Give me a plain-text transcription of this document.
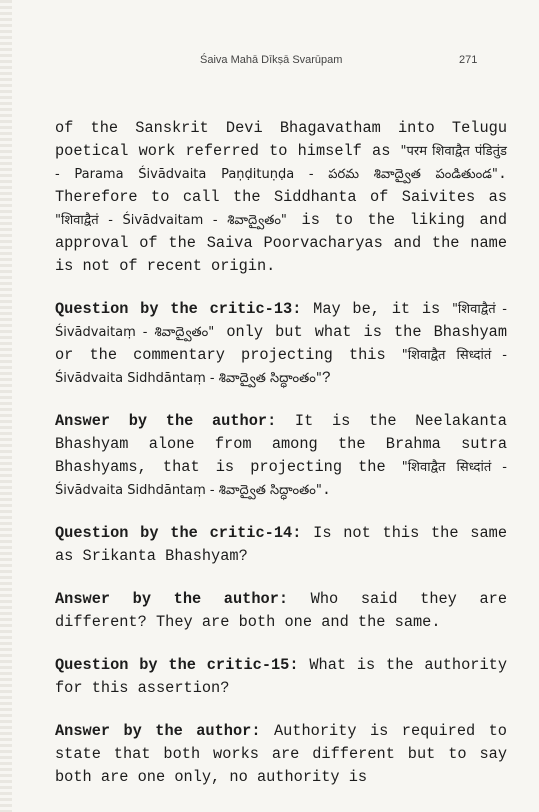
Śaiva Mahā Dīkṣā Svarūpam	271

of the Sanskrit Devi Bhagavatham into Telugu poetical work referred to himself as "परम शिवाद्वैत पंडितुंड - Parama Śivādvaita Paṇḍituṇḍa - పరమ శివాద్వైత పండితుండ". Therefore to call the Siddhanta of Saivites as "शिवाद्वैतं - Śivādvaitam - శివాద్వైతం" is to the liking and approval of the Saiva Poorvacharyas and the name is not of recent origin.

Question by the critic-13: May be, it is "शिवाद्वैतं - Śivādvaitaṃ - శివాద్వైతం" only but what is the Bhashyam or the commentary projecting this "शिवाद्वैत सिध्दांतं - Śivādvaita Sidhdāntaṃ - శివాద్వైత సిద్ధాంతం"?

Answer by the author: It is the Neelakanta Bhashyam alone from among the Brahma sutra Bhashyams, that is projecting the "शिवाद्वैत सिध्दांतं - Śivādvaita Sidhdāntaṃ - శివాద్వైత సిద్ధాంతం".

Question by the critic-14: Is not this the same as Srikanta Bhashyam?

Answer by the author: Who said they are different? They are both one and the same.

Question by the critic-15: What is the authority for this assertion?

Answer by the author: Authority is required to state that both works are different but to say both are one only, no authority is
